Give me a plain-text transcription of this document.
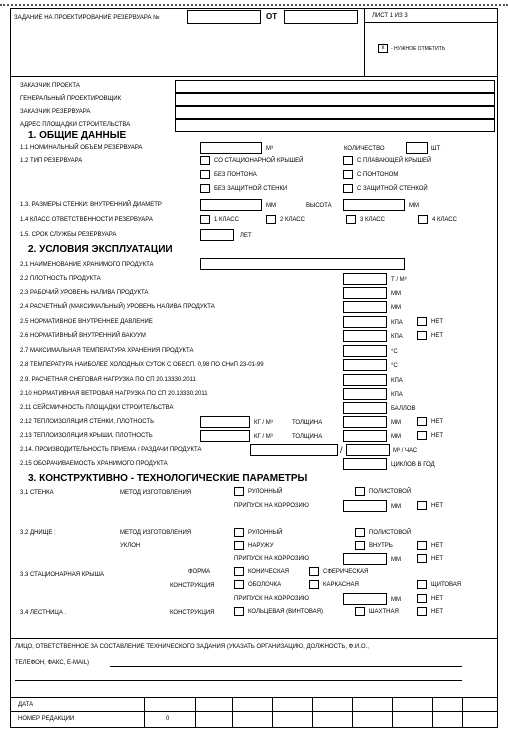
ЗАДАНИЕ НА ПРОЕКТИРОВАНИЕ РЕЗЕРВУАРА №	ОТ	ЛИСТ 1 ИЗ 3
x	- НУЖНОЕ ОТМЕТИТЬ
ЗАКАЗЧИК ПРОЕКТА
ГЕНЕРАЛЬНЫЙ ПРОЕКТИРОВЩИК
ЗАКАЗЧИК РЕЗЕРВУАРА
АДРЕС ПЛОЩАДКИ СТРОИТЕЛЬСТВА
1. ОБЩИЕ ДАННЫЕ
1.1 НОМИНАЛЬНЫЙ ОБЪЕМ РЕЗЕРВУАРА	М³	КОЛИЧЕСТВО	ШТ
1.2 ТИП РЕЗЕРВУАРА	СО СТАЦИОНАРНОЙ КРЫШЕЙ	С ПЛАВАЮЩЕЙ КРЫШЕЙ
БЕЗ ПОНТОНА	С ПОНТОНОМ
БЕЗ ЗАЩИТНОЙ СТЕНКИ	С ЗАЩИТНОЙ СТЕНКОЙ
1.3. РАЗМЕРЫ СТЕНКИ: ВНУТРЕННИЙ ДИАМЕТР	ММ	ВЫСОТА	ММ
1.4 КЛАСС ОТВЕТСТВЕННОСТИ РЕЗЕРВУАРА	1 КЛАСС	2 КЛАСС	3 КЛАСС	4 КЛАСС
1.5. СРОК СЛУЖБЫ РЕЗЕРВУАРА	ЛЕТ
2. УСЛОВИЯ ЭКСПЛУАТАЦИИ
2.1 НАИМЕНОВАНИЕ ХРАНИМОГО ПРОДУКТА
2.2 ПЛОТНОСТЬ ПРОДУКТА	Т / М³
2.3 РАБОЧИЙ УРОВЕНЬ НАЛИВА ПРОДУКТА	ММ
2.4 РАСЧЕТНЫЙ (МАКСИМАЛЬНЫЙ) УРОВЕНЬ НАЛИВА ПРОДУКТА	ММ
2.5 НОРМАТИВНОЕ ВНУТРЕННЕЕ ДАВЛЕНИЕ	КПА	НЕТ
2.6 НОРМАТИВНЫЙ ВНУТРЕННИЙ ВАКУУМ	КПА	НЕТ
2.7 МАКСИМАЛЬНАЯ ТЕМПЕРАТУРА ХРАНЕНИЯ ПРОДУКТА	°С
2.8 ТЕМПЕРАТУРА НАИБОЛЕЕ ХОЛОДНЫХ СУТОК С ОБЕСП. 0,98 ПО СНиП 23-01-99	°С
2.9. РАСЧЕТНАЯ СНЕГОВАЯ НАГРУЗКА ПО СП 20.13330.2011	КПА
2.10 НОРМАТИВНАЯ ВЕТРОВАЯ НАГРУЗКА ПО СП 20.13330.2011	КПА
2.11 СЕЙСМИЧНОСТЬ ПЛОЩАДКИ СТРОИТЕЛЬСТВА	БАЛЛОВ
2.12 ТЕПЛОИЗОЛЯЦИЯ СТЕНКИ, ПЛОТНОСТЬ	КГ / М³	ТОЛЩИНА	ММ	НЕТ
2.13 ТЕПЛОИЗОЛЯЦИЯ КРЫШИ, ПЛОТНОСТЬ	КГ / М³	ТОЛЩИНА	ММ	НЕТ
2.14. ПРОИЗВОДИТЕЛЬНОСТЬ ПРИЕМА / РАЗДАЧИ ПРОДУКТА	/	М³ / ЧАС
2.15 ОБОРАЧИВАЕМОСТЬ ХРАНИМОГО ПРОДУКТА	ЦИКЛОВ В ГОД
3. КОНСТРУКТИВНО - ТЕХНОЛОГИЧЕСКИЕ ПАРАМЕТРЫ
3.1 СТЕНКА	МЕТОД ИЗГОТОВЛЕНИЯ	РУЛОННЫЙ	ПОЛИСТОВОЙ
ПРИПУСК НА КОРРОЗИЮ	ММ	НЕТ
3.2 ДНИЩЕ :	МЕТОД ИЗГОТОВЛЕНИЯ	РУЛОННЫЙ	ПОЛИСТОВОЙ
УКЛОН	НАРУЖУ	ВНУТРЬ	НЕТ
ПРИПУСК НА КОРРОЗИЮ	ММ	НЕТ
3.3 СТАЦИОНАРНАЯ КРЫША	ФОРМА	КОНИЧЕСКАЯ	СФЕРИЧЕСКАЯ
КОНСТРУКЦИЯ	ОБОЛОЧКА	КАРКАСНАЯ	ЩИТОВАЯ
ПРИПУСК НА КОРРОЗИЮ	ММ	НЕТ
3.4 ЛЕСТНИЦА .	КОНСТРУКЦИЯ	КОЛЬЦЕВАЯ (ВИНТОВАЯ)	ШАХТНАЯ	НЕТ
ЛИЦО, ОТВЕТСТВЕННОЕ ЗА СОСТАВЛЕНИЕ ТЕХНИЧЕСКОГО ЗАДАНИЯ (УКАЗАТЬ ОРГАНИЗАЦИЮ, ДОЛЖНОСТЬ, Ф.И.О.,
ТЕЛЕФОН, ФАКС, E-MAIL)
ДАТА
НОМЕР РЕДАКЦИИ	0
